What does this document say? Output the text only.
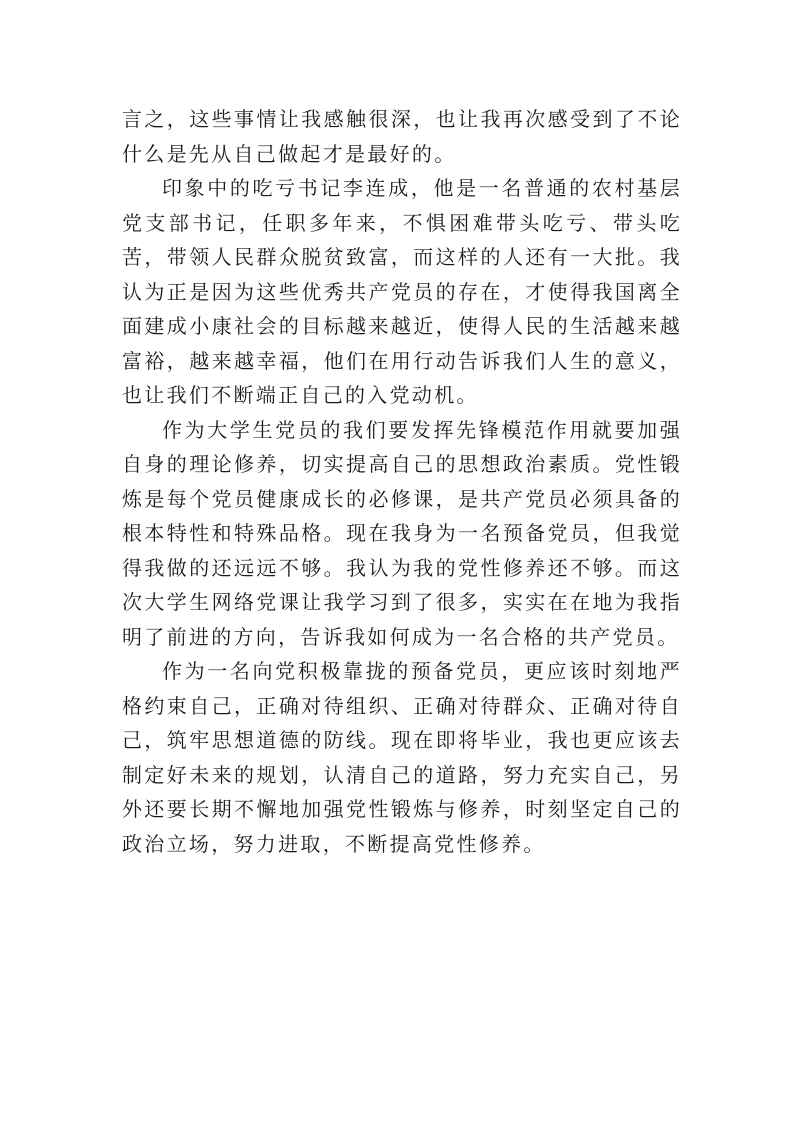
言之，这些事情让我感触很深，也让我再次感受到了不论什么是先从自己做起才是最好的。

印象中的吃亏书记李连成，他是一名普通的农村基层党支部书记，任职多年来，不惧困难带头吃亏、带头吃苦，带领人民群众脱贫致富，而这样的人还有一大批。我认为正是因为这些优秀共产党员的存在，才使得我国离全面建成小康社会的目标越来越近，使得人民的生活越来越富裕，越来越幸福，他们在用行动告诉我们人生的意义，也让我们不断端正自己的入党动机。

作为大学生党员的我们要发挥先锋模范作用就要加强自身的理论修养，切实提高自己的思想政治素质。党性锻炼是每个党员健康成长的必修课，是共产党员必须具备的根本特性和特殊品格。现在我身为一名预备党员，但我觉得我做的还远远不够。我认为我的党性修养还不够。而这次大学生网络党课让我学习到了很多，实实在在地为我指明了前进的方向，告诉我如何成为一名合格的共产党员。

作为一名向党积极靠拢的预备党员，更应该时刻地严格约束自己，正确对待组织、正确对待群众、正确对待自己，筑牢思想道德的防线。现在即将毕业，我也更应该去制定好未来的规划，认清自己的道路，努力充实自己，另外还要长期不懈地加强党性锻炼与修养，时刻坚定自己的政治立场，努力进取，不断提高党性修养。
